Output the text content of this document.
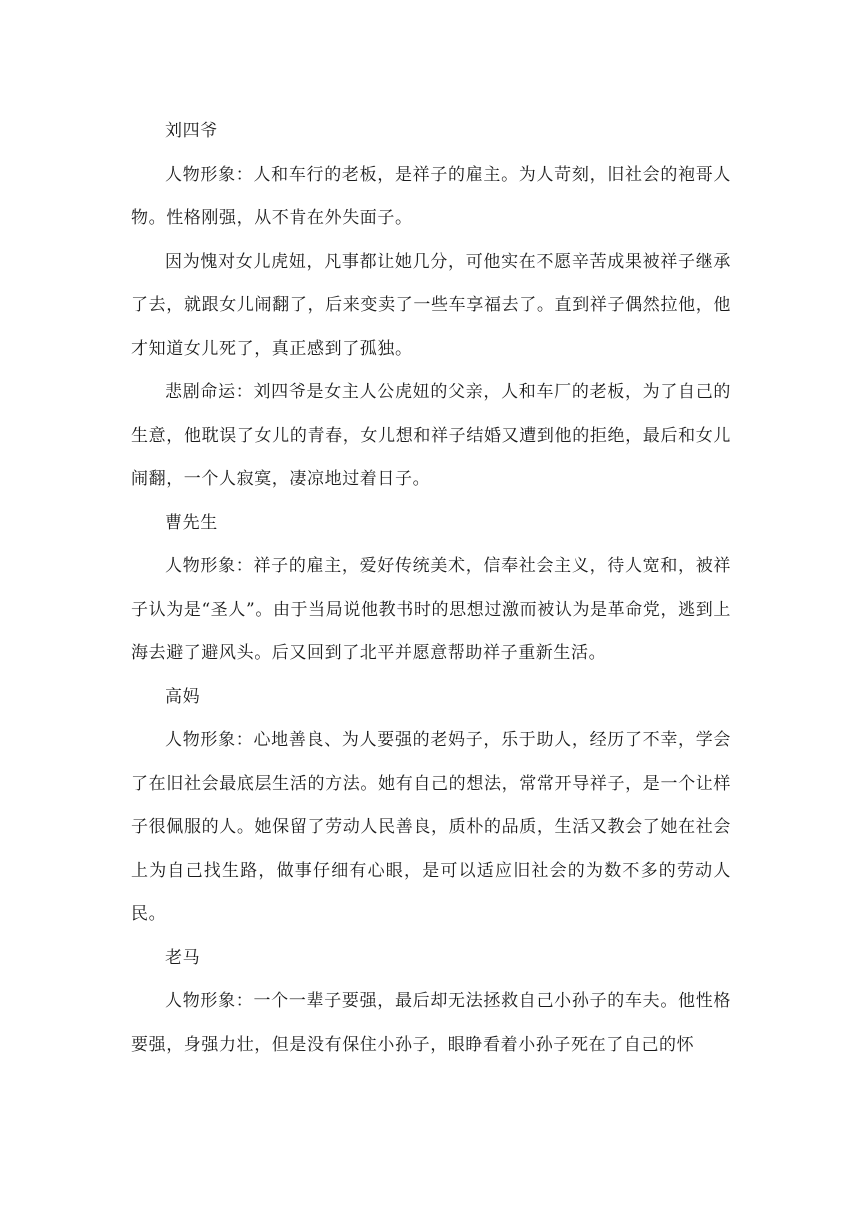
刘四爷

人物形象：人和车行的老板，是祥子的雇主。为人苛刻，旧社会的袍哥人物。性格刚强，从不肯在外失面子。

因为愧对女儿虎妞，凡事都让她几分，可他实在不愿辛苦成果被祥子继承了去，就跟女儿闹翻了，后来变卖了一些车享福去了。直到祥子偶然拉他，他才知道女儿死了，真正感到了孤独。

悲剧命运：刘四爷是女主人公虎妞的父亲，人和车厂的老板，为了自己的生意，他耽误了女儿的青春，女儿想和祥子结婚又遭到他的拒绝，最后和女儿闹翻，一个人寂寞，凄凉地过着日子。

曹先生

人物形象：祥子的雇主，爱好传统美术，信奉社会主义，待人宽和，被祥子认为是“圣人”。由于当局说他教书时的思想过激而被认为是革命党，逃到上海去避了避风头。后又回到了北平并愿意帮助祥子重新生活。

高妈

人物形象：心地善良、为人要强的老妈子，乐于助人，经历了不幸，学会了在旧社会最底层生活的方法。她有自己的想法，常常开导祥子，是一个让样子很佩服的人。她保留了劳动人民善良，质朴的品质，生活又教会了她在社会上为自己找生路，做事仔细有心眼，是可以适应旧社会的为数不多的劳动人民。

老马

人物形象：一个一辈子要强，最后却无法拯救自己小孙子的车夫。他性格要强，身强力壮，但是没有保住小孙子，眼睁看着小孙子死在了自己的怀
